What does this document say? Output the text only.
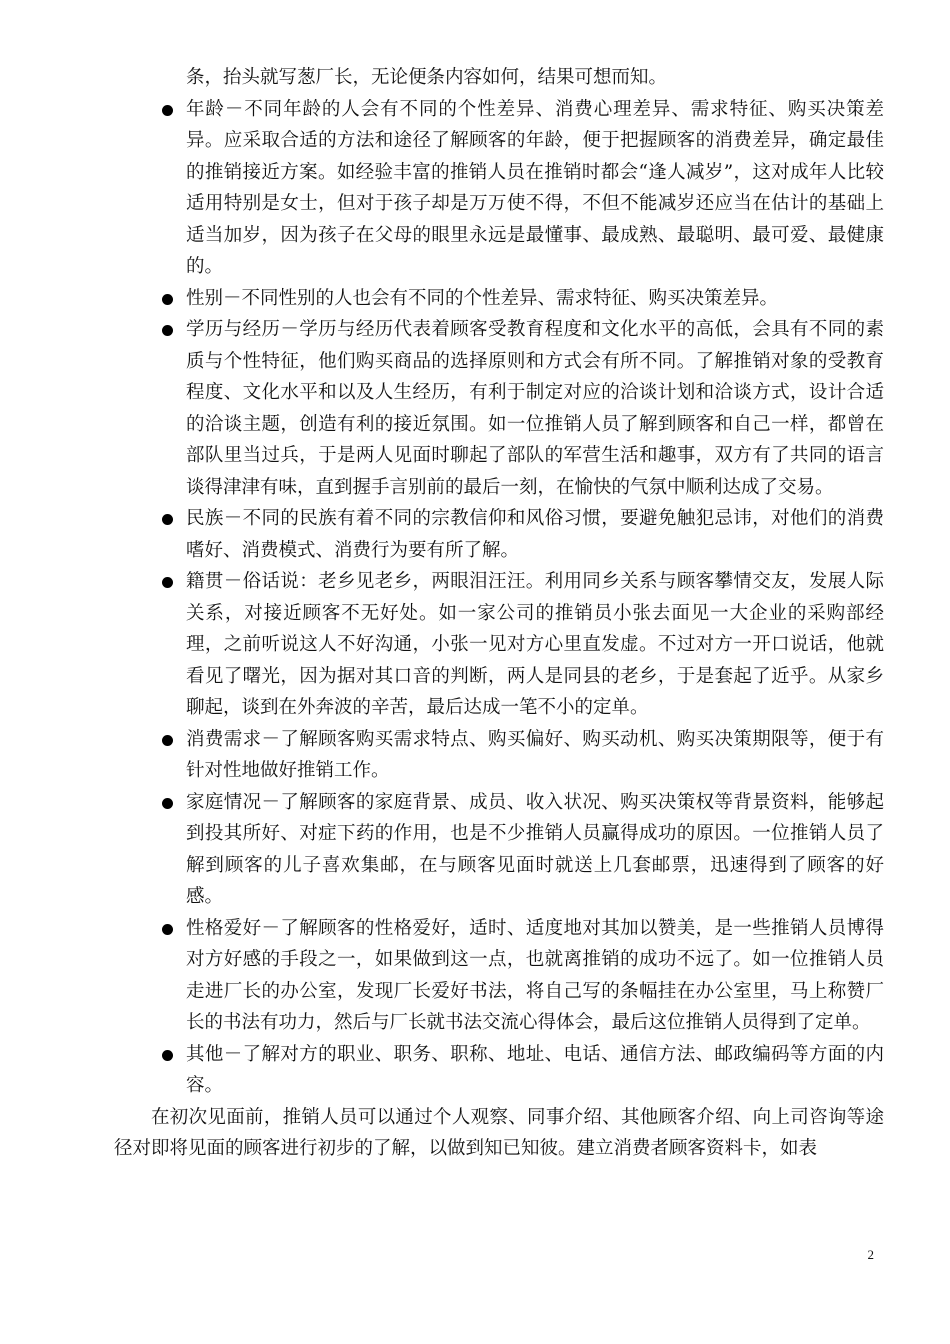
条，抬头就写葱厂长，无论便条内容如何，结果可想而知。

年龄－不同年龄的人会有不同的个性差异、消费心理差异、需求特征、购买决策差异。应采取合适的方法和途径了解顾客的年龄，便于把握顾客的消费差异，确定最佳的推销接近方案。如经验丰富的推销人员在推销时都会“逢人减岁”，这对成年人比较适用特别是女士，但对于孩子却是万万使不得，不但不能减岁还应当在估计的基础上适当加岁，因为孩子在父母的眼里永远是最懂事、最成熟、最聪明、最可爱、最健康的。
性别－不同性别的人也会有不同的个性差异、需求特征、购买决策差异。
学历与经历－学历与经历代表着顾客受教育程度和文化水平的高低，会具有不同的素质与个性特征，他们购买商品的选择原则和方式会有所不同。了解推销对象的受教育程度、文化水平和以及人生经历，有利于制定对应的洽谈计划和洽谈方式，设计合适的洽谈主题，创造有利的接近氛围。如一位推销人员了解到顾客和自己一样，都曾在部队里当过兵，于是两人见面时聊起了部队的军营生活和趣事，双方有了共同的语言谈得津津有味，直到握手言别前的最后一刻，在愉快的气氛中顺利达成了交易。
民族－不同的民族有着不同的宗教信仰和风俗习惯，要避免触犯忌讳，对他们的消费嗜好、消费模式、消费行为要有所了解。
籍贯－俗话说：老乡见老乡，两眼泪汪汪。利用同乡关系与顾客攀情交友，发展人际关系，对接近顾客不无好处。如一家公司的推销员小张去面见一大企业的采购部经理，之前听说这人不好沟通，小张一见对方心里直发虚。不过对方一开口说话，他就看见了曙光，因为据对其口音的判断，两人是同县的老乡，于是套起了近乎。从家乡聊起，谈到在外奔波的辛苦，最后达成一笔不小的定单。
消费需求－了解顾客购买需求特点、购买偏好、购买动机、购买决策期限等，便于有针对性地做好推销工作。
家庭情况－了解顾客的家庭背景、成员、收入状况、购买决策权等背景资料，能够起到投其所好、对症下药的作用，也是不少推销人员赢得成功的原因。一位推销人员了解到顾客的儿子喜欢集邮，在与顾客见面时就送上几套邮票，迅速得到了顾客的好感。
性格爱好－了解顾客的性格爱好，适时、适度地对其加以赞美，是一些推销人员博得对方好感的手段之一，如果做到这一点，也就离推销的成功不远了。如一位推销人员走进厂长的办公室，发现厂长爱好书法，将自己写的条幅挂在办公室里，马上称赞厂长的书法有功力，然后与厂长就书法交流心得体会，最后这位推销人员得到了定单。
其他－了解对方的职业、职务、职称、地址、电话、通信方法、邮政编码等方面的内容。

在初次见面前，推销人员可以通过个人观察、同事介绍、其他顾客介绍、向上司咨询等途径对即将见面的顾客进行初步的了解，以做到知已知彼。建立消费者顾客资料卡，如表

2
